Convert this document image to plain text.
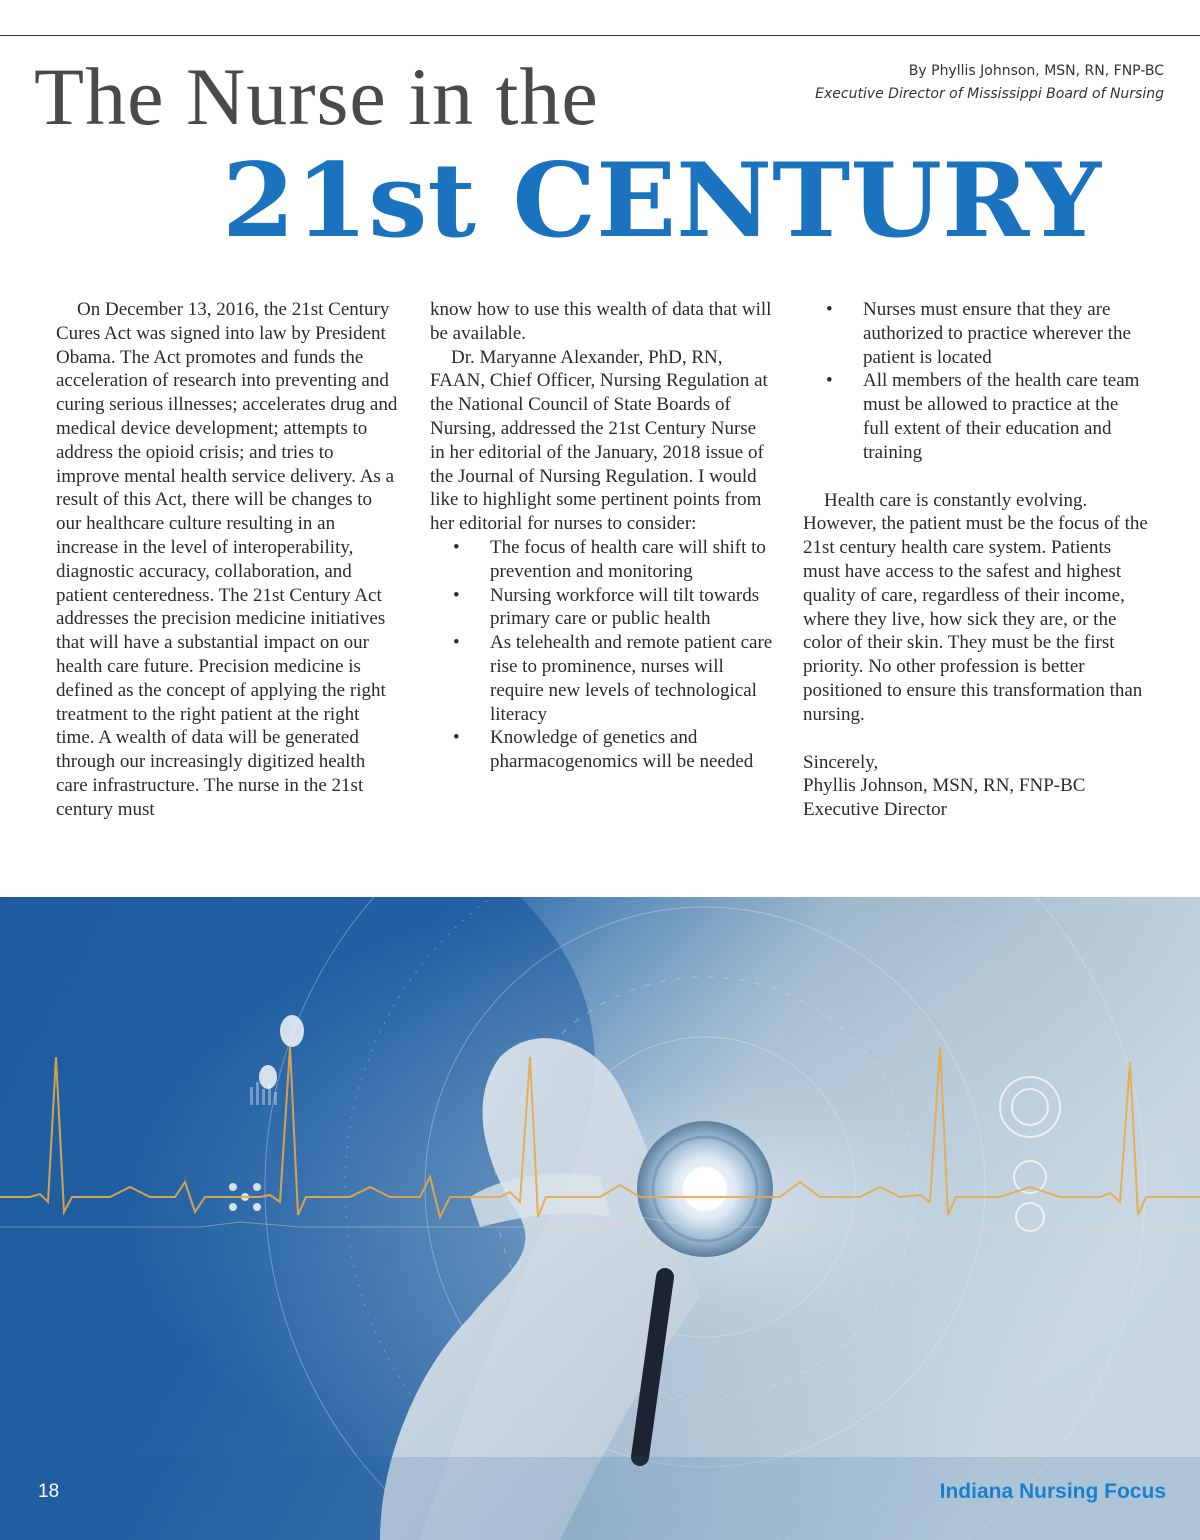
The Nurse in the
21st CENTURY
By Phyllis Johnson, MSN, RN, FNP-BC
Executive Director of Mississippi Board of Nursing

On December 13, 2016, the 21st Century Cures Act was signed into law by President Obama. The Act promotes and funds the acceleration of research into preventing and curing serious illnesses; accelerates drug and medical device development; attempts to address the opioid crisis; and tries to improve mental health service delivery. As a result of this Act, there will be changes to our healthcare culture resulting in an increase in the level of interoperability, diagnostic accuracy, collaboration, and patient centeredness. The 21st Century Act addresses the precision medicine initiatives that will have a substantial impact on our health care future. Precision medicine is defined as the concept of applying the right treatment to the right patient at the right time. A wealth of data will be generated through our increasingly digitized health care infrastructure. The nurse in the 21st century must

know how to use this wealth of data that will be available.

Dr. Maryanne Alexander, PhD, RN, FAAN, Chief Officer, Nursing Regulation at the National Council of State Boards of Nursing, addressed the 21st Century Nurse in her editorial of the January, 2018 issue of the Journal of Nursing Regulation. I would like to highlight some pertinent points from her editorial for nurses to consider:

• The focus of health care will shift to prevention and monitoring
• Nursing workforce will tilt towards primary care or public health
• As telehealth and remote patient care rise to prominence, nurses will require new levels of technological literacy
• Knowledge of genetics and pharmacogenomics will be needed
• Nurses must ensure that they are authorized to practice wherever the patient is located
• All members of the health care team must be allowed to practice at the full extent of their education and training

Health care is constantly evolving. However, the patient must be the focus of the 21st century health care system. Patients must have access to the safest and highest quality of care, regardless of their income, where they live, how sick they are, or the color of their skin. They must be the first priority. No other profession is better positioned to ensure this transformation than nursing.

Sincerely,

Phyllis Johnson, MSN, RN, FNP-BC

Executive Director

18	Indiana Nursing Focus
